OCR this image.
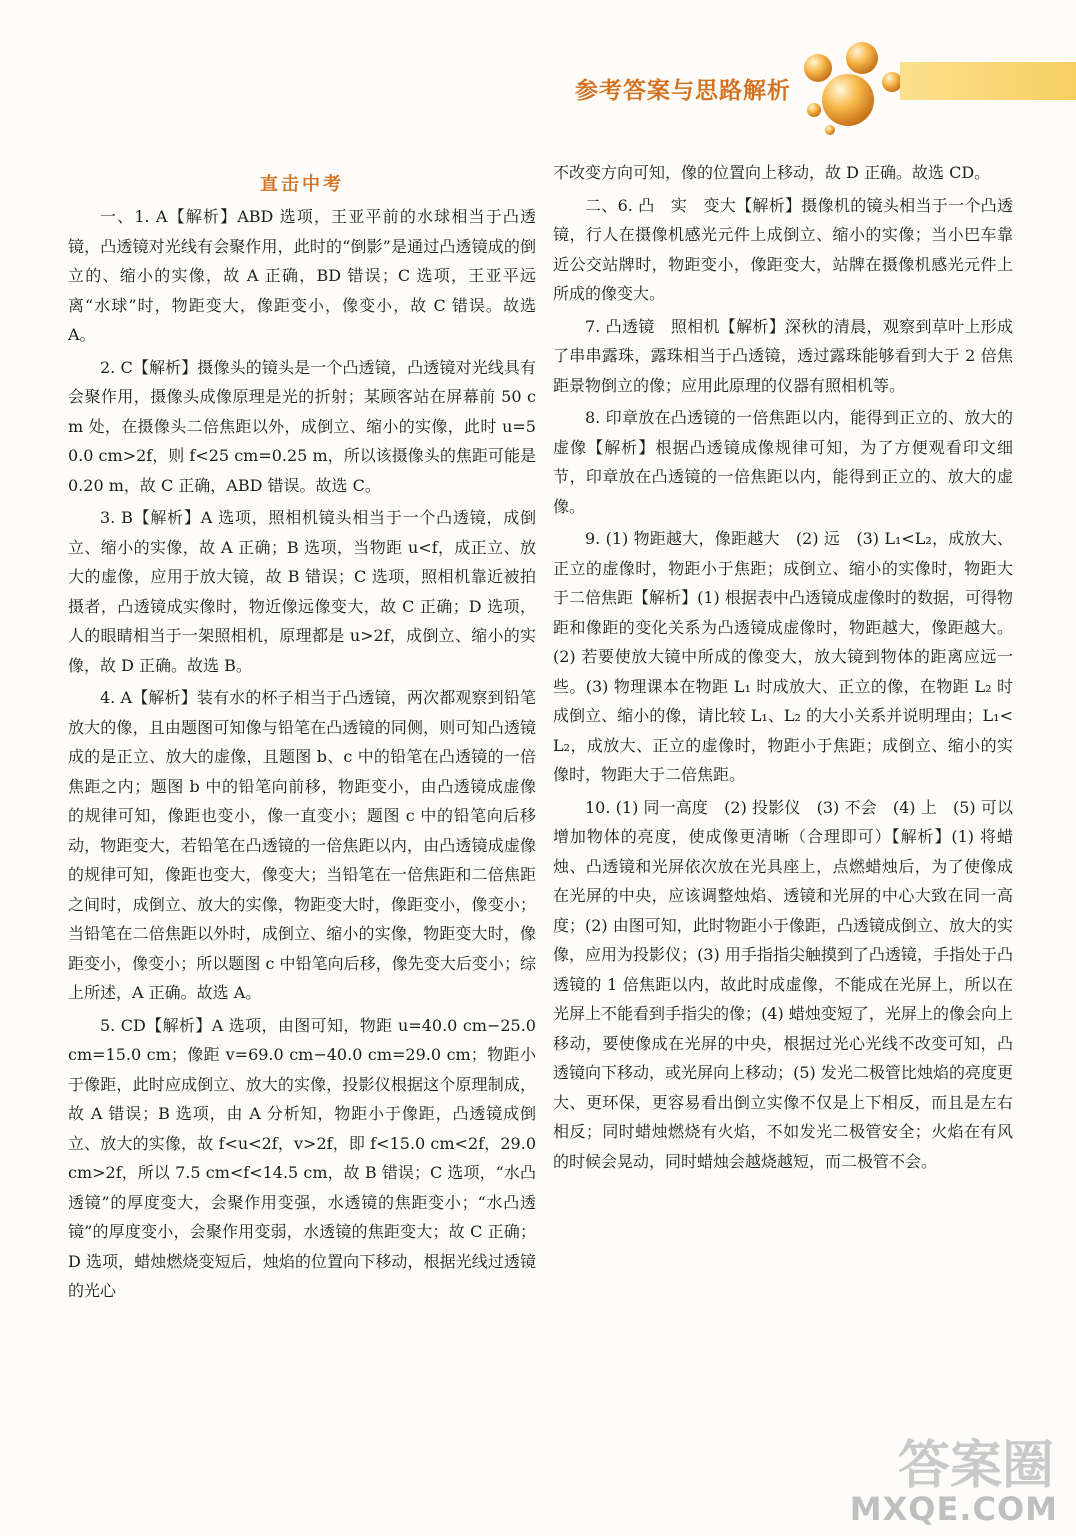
参考答案与思路解析
直击中考

一、1. A【解析】ABD 选项，王亚平前的水球相当于凸透镜，凸透镜对光线有会聚作用，此时的“倒影”是通过凸透镜成的倒立的、缩小的实像，故 A 正确，BD 错误；C 选项，王亚平远离“水球”时，物距变大，像距变小，像变小，故 C 错误。故选 A。

2. C【解析】摄像头的镜头是一个凸透镜，凸透镜对光线具有会聚作用，摄像头成像原理是光的折射；某顾客站在屏幕前 50 cm 处，在摄像头二倍焦距以外，成倒立、缩小的实像，此时 u=50.0 cm>2f，则 f<25 cm=0.25 m，所以该摄像头的焦距可能是 0.20 m，故 C 正确，ABD 错误。故选 C。

3. B【解析】A 选项，照相机镜头相当于一个凸透镜，成倒立、缩小的实像，故 A 正确；B 选项，当物距 u<f，成正立、放大的虚像，应用于放大镜，故 B 错误；C 选项，照相机靠近被拍摄者，凸透镜成实像时，物近像远像变大，故 C 正确；D 选项，人的眼睛相当于一架照相机，原理都是 u>2f，成倒立、缩小的实像，故 D 正确。故选 B。

4. A【解析】装有水的杯子相当于凸透镜，两次都观察到铅笔放大的像，且由题图可知像与铅笔在凸透镜的同侧，则可知凸透镜成的是正立、放大的虚像，且题图 b、c 中的铅笔在凸透镜的一倍焦距之内；题图 b 中的铅笔向前移，物距变小，由凸透镜成虚像的规律可知，像距也变小，像一直变小；题图 c 中的铅笔向后移动，物距变大，若铅笔在凸透镜的一倍焦距以内，由凸透镜成虚像的规律可知，像距也变大，像变大；当铅笔在一倍焦距和二倍焦距之间时，成倒立、放大的实像，物距变大时，像距变小，像变小；当铅笔在二倍焦距以外时，成倒立、缩小的实像，物距变大时，像距变小，像变小；所以题图 c 中铅笔向后移，像先变大后变小；综上所述，A 正确。故选 A。

5. CD【解析】A 选项，由图可知，物距 u=40.0 cm−25.0 cm=15.0 cm；像距 v=69.0 cm−40.0 cm=29.0 cm；物距小于像距，此时应成倒立、放大的实像，投影仪根据这个原理制成，故 A 错误；B 选项，由 A 分析知，物距小于像距，凸透镜成倒立、放大的实像，故 f<u<2f，v>2f，即 f<15.0 cm<2f，29.0 cm>2f，所以 7.5 cm<f<14.5 cm，故 B 错误；C 选项，“水凸透镜”的厚度变大，会聚作用变强，水透镜的焦距变小；“水凸透镜”的厚度变小，会聚作用变弱，水透镜的焦距变大；故 C 正确；D 选项，蜡烛燃烧变短后，烛焰的位置向下移动，根据光线过透镜的光心

不改变方向可知，像的位置向上移动，故 D 正确。故选 CD。

二、6. 凸　实　变大【解析】摄像机的镜头相当于一个凸透镜，行人在摄像机感光元件上成倒立、缩小的实像；当小巴车靠近公交站牌时，物距变小，像距变大，站牌在摄像机感光元件上所成的像变大。

7. 凸透镜　照相机【解析】深秋的清晨，观察到草叶上形成了串串露珠，露珠相当于凸透镜，透过露珠能够看到大于 2 倍焦距景物倒立的像；应用此原理的仪器有照相机等。

8. 印章放在凸透镜的一倍焦距以内，能得到正立的、放大的虚像【解析】根据凸透镜成像规律可知，为了方便观看印文细节，印章放在凸透镜的一倍焦距以内，能得到正立的、放大的虚像。

9. (1) 物距越大，像距越大　(2) 远　(3) L₁<L₂，成放大、正立的虚像时，物距小于焦距；成倒立、缩小的实像时，物距大于二倍焦距【解析】(1) 根据表中凸透镜成虚像时的数据，可得物距和像距的变化关系为凸透镜成虚像时，物距越大，像距越大。(2) 若要使放大镜中所成的像变大，放大镜到物体的距离应远一些。(3) 物理课本在物距 L₁ 时成放大、正立的像，在物距 L₂ 时成倒立、缩小的像，请比较 L₁、L₂ 的大小关系并说明理由；L₁<L₂，成放大、正立的虚像时，物距小于焦距；成倒立、缩小的实像时，物距大于二倍焦距。

10. (1) 同一高度　(2) 投影仪　(3) 不会　(4) 上　(5) 可以增加物体的亮度，使成像更清晰（合理即可）【解析】(1) 将蜡烛、凸透镜和光屏依次放在光具座上，点燃蜡烛后，为了使像成在光屏的中央，应该调整烛焰、透镜和光屏的中心大致在同一高度；(2) 由图可知，此时物距小于像距，凸透镜成倒立、放大的实像，应用为投影仪；(3) 用手指指尖触摸到了凸透镜，手指处于凸透镜的 1 倍焦距以内，故此时成虚像，不能成在光屏上，所以在光屏上不能看到手指尖的像；(4) 蜡烛变短了，光屏上的像会向上移动，要使像成在光屏的中央，根据过光心光线不改变可知，凸透镜向下移动，或光屏向上移动；(5) 发光二极管比烛焰的亮度更大、更环保，更容易看出倒立实像不仅是上下相反，而且是左右相反；同时蜡烛燃烧有火焰，不如发光二极管安全；火焰在有风的时候会晃动，同时蜡烛会越烧越短，而二极管不会。

答案圈
MXQE.COM
